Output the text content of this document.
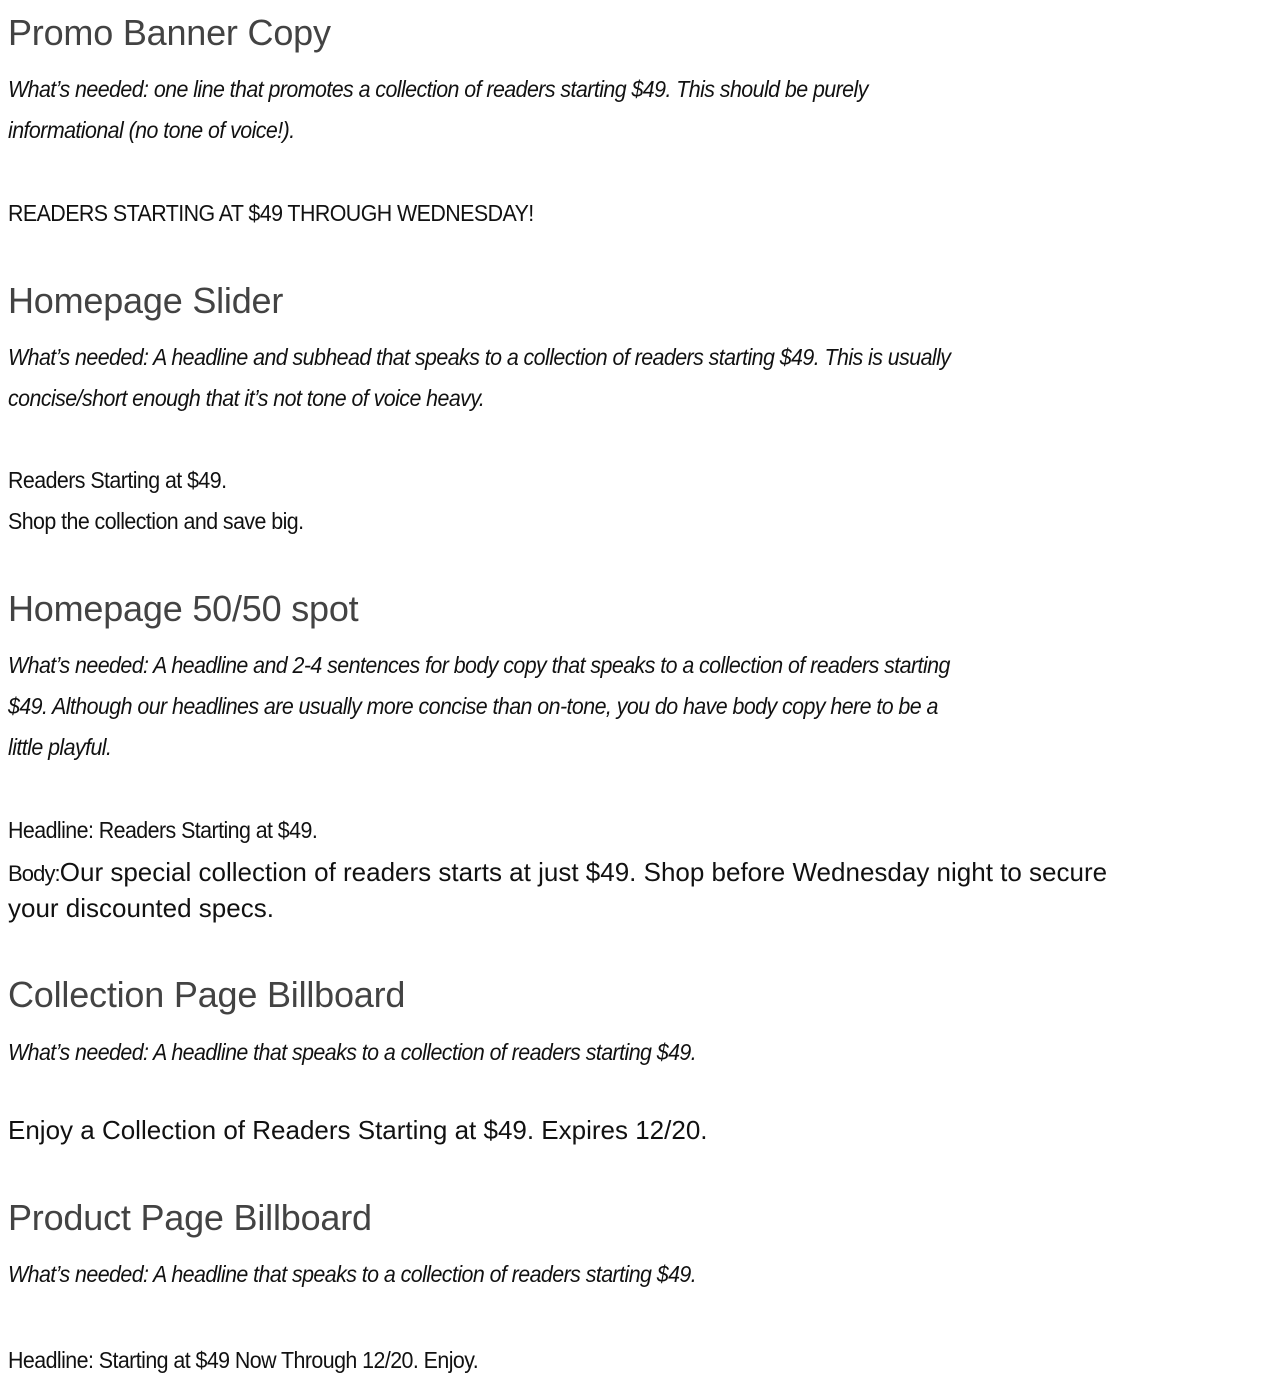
Promo Banner Copy
What’s needed: one line that promotes a collection of readers starting $49. This should be purely
informational (no tone of voice!).
READERS STARTING AT $49 THROUGH WEDNESDAY!
Homepage Slider
What’s needed: A headline and subhead that speaks to a collection of readers starting $49. This is usually
concise/short enough that it’s not tone of voice heavy.
Readers Starting at $49.
Shop the collection and save big.
Homepage 50/50 spot
What’s needed: A headline and 2-4 sentences for body copy that speaks to a collection of readers starting
$49. Although our headlines are usually more concise than on-tone, you do have body copy here to be a
little playful.
Headline: Readers Starting at $49.
Body:Our special collection of readers starts at just $49. Shop before Wednesday night to secure
your discounted specs.
Collection Page Billboard
What’s needed: A headline that speaks to a collection of readers starting $49.
Enjoy a Collection of Readers Starting at $49. Expires 12/20.
Product Page Billboard
What’s needed: A headline that speaks to a collection of readers starting $49.
Headline: Starting at $49 Now Through 12/20. Enjoy.
